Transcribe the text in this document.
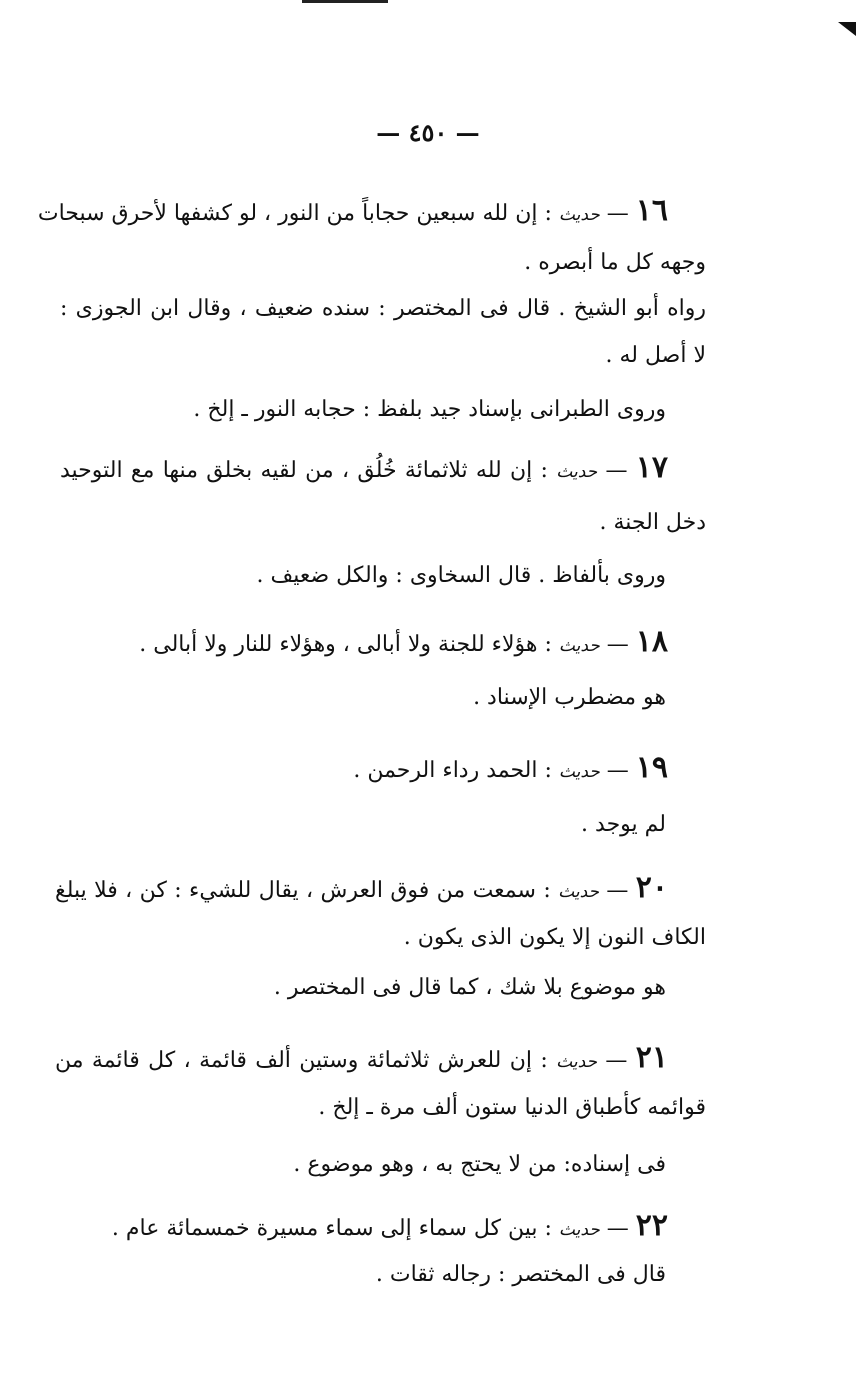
— ٤٥٠ —
١٦ — حديث : إن لله سبعين حجاباً من النور ، لو كشفها لأحرق سبحات
وجهه كل ما أبصره .
رواه أبو الشيخ . قال فى المختصر : سنده ضعيف ، وقال ابن الجوزى :
لا أصل له .
وروى الطبرانى بإسناد جيد بلفظ : حجابه النور ـ إلخ .
١٧ — حديث : إن لله ثلاثمائة خُلُق ، من لقيه بخلق منها مع التوحيد
دخل الجنة .
وروى بألفاظ . قال السخاوى : والكل ضعيف .
١٨ — حديث : هؤلاء للجنة ولا أبالى ، وهؤلاء للنار ولا أبالى .
هو مضطرب الإسناد .
١٩ — حديث : الحمد رداء الرحمن .
لم يوجد .
٢٠ — حديث : سمعت من فوق العرش ، يقال للشيء : كن ، فلا يبلغ
الكاف النون إلا يكون الذى يكون .
هو موضوع بلا شك ، كما قال فى المختصر .
٢١ — حديث : إن للعرش ثلاثمائة وستين ألف قائمة ، كل قائمة من
قوائمه كأطباق الدنيا ستون ألف مرة ـ إلخ .
فى إسناده: من لا يحتج به ، وهو موضوع .
٢٢ — حديث : بين كل سماء إلى سماء مسيرة خمسمائة عام .
قال فى المختصر : رجاله ثقات .
